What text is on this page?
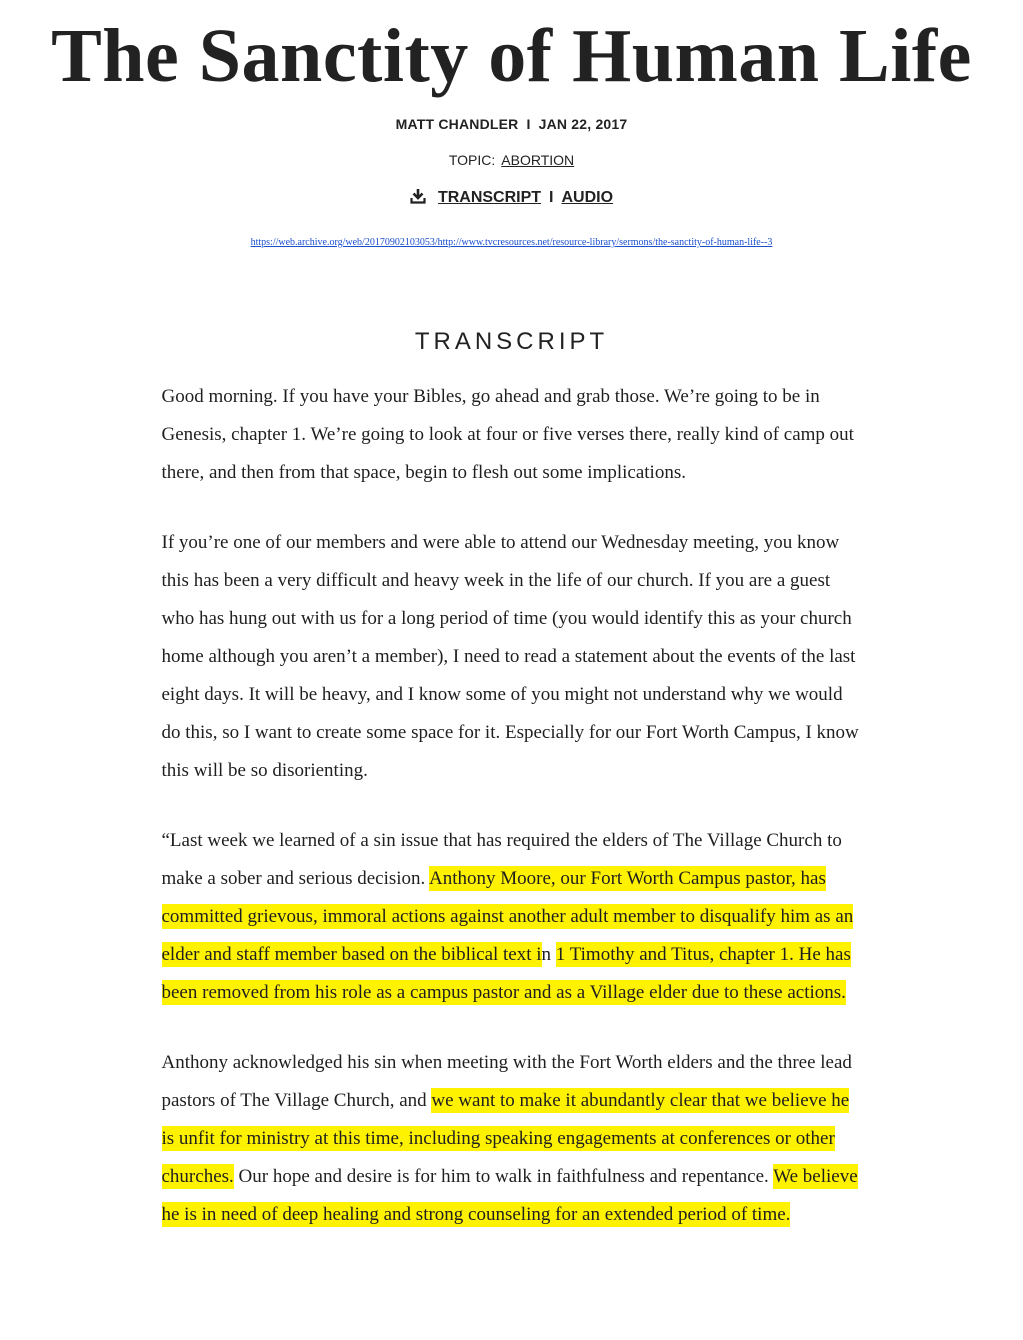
The Sanctity of Human Life
MATT CHANDLER I JAN 22, 2017
TOPIC: ABORTION
TRANSCRIPT I AUDIO
https://web.archive.org/web/20170902103053/http://www.tvcresources.net/resource-library/sermons/the-sanctity-of-human-life--3
TRANSCRIPT

Good morning. If you have your Bibles, go ahead and grab those. We’re going to be in Genesis, chapter 1. We’re going to look at four or five verses there, really kind of camp out there, and then from that space, begin to flesh out some implications.

If you’re one of our members and were able to attend our Wednesday meeting, you know this has been a very difficult and heavy week in the life of our church. If you are a guest who has hung out with us for a long period of time (you would identify this as your church home although you aren’t a member), I need to read a statement about the events of the last eight days. It will be heavy, and I know some of you might not understand why we would do this, so I want to create some space for it. Especially for our Fort Worth Campus, I know this will be so disorienting.

“Last week we learned of a sin issue that has required the elders of The Village Church to make a sober and serious decision. Anthony Moore, our Fort Worth Campus pastor, has committed grievous, immoral actions against another adult member to disqualify him as an elder and staff member based on the biblical text in 1 Timothy and Titus, chapter 1. He has been removed from his role as a campus pastor and as a Village elder due to these actions.

Anthony acknowledged his sin when meeting with the Fort Worth elders and the three lead pastors of The Village Church, and we want to make it abundantly clear that we believe he is unfit for ministry at this time, including speaking engagements at conferences or other churches. Our hope and desire is for him to walk in faithfulness and repentance. We believe he is in need of deep healing and strong counseling for an extended period of time.
